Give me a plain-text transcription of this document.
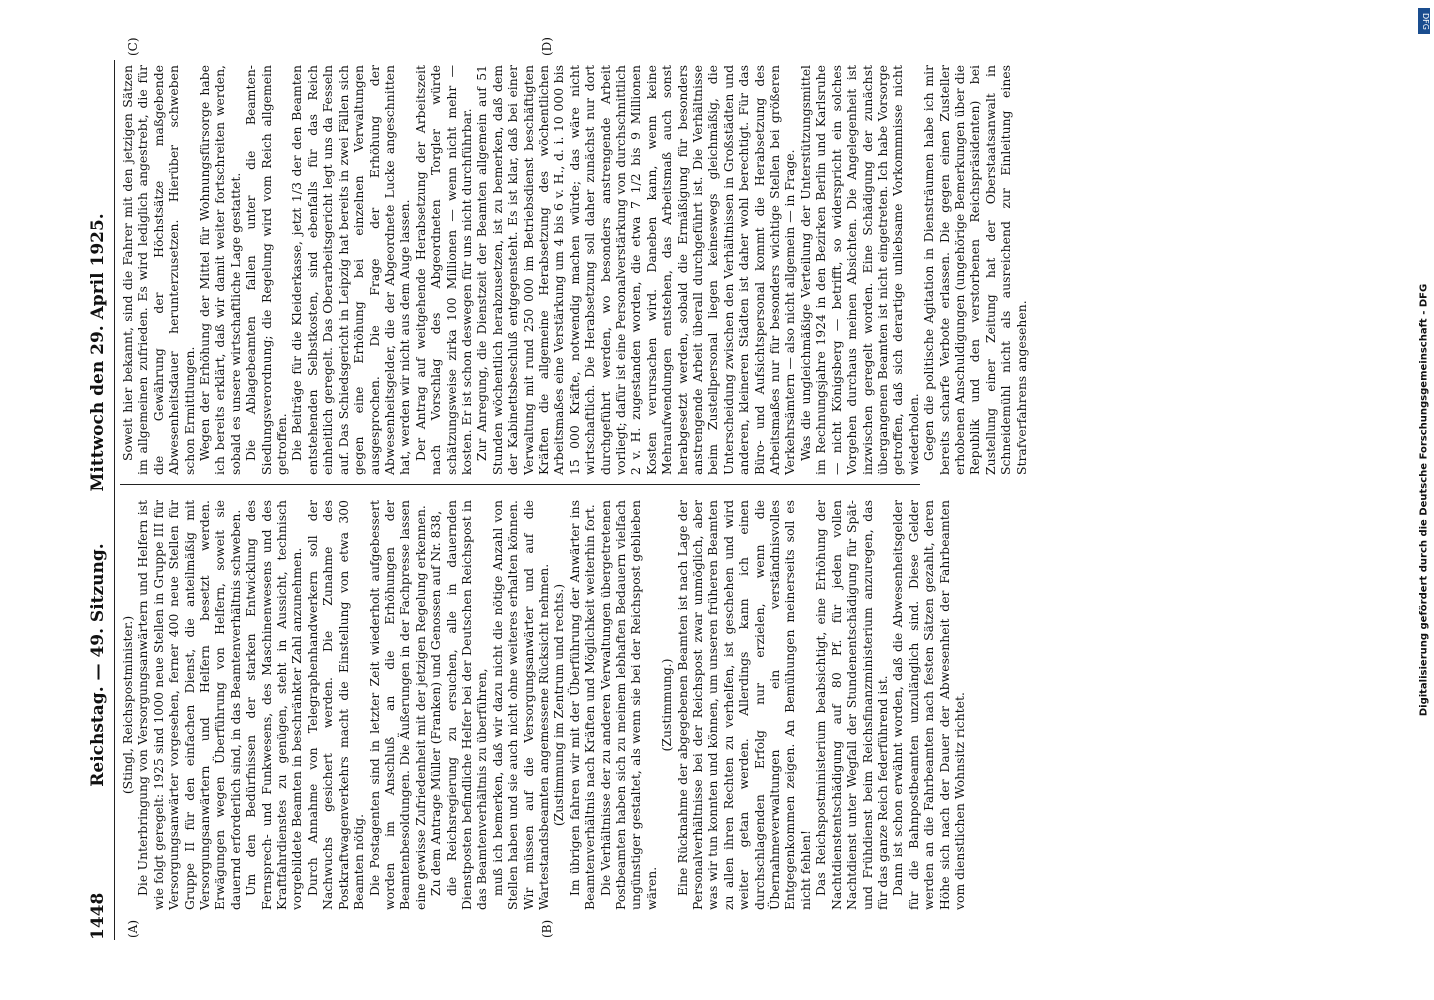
1448
Reichstag. — 49. Sitzung.  Mittwoch den 29. April 1925.
(A)	(B)
(C)	(D)

(Stingl, Reichspostminister.) Die Unterbringung von Versorgungsanwärtern und Helfern ist wie folgt geregelt: 1925 sind 1000 neue Stellen in Gruppe III für Versorgungsanwärter vorgesehen, ferner 400 neue Stellen für Gruppe II für den einfachen Dienst, die anteilmäßig mit Versorgungsanwärtern und Helfern besetzt werden. Erwägungen wegen Überführung von Helfern, soweit sie dauernd erforderlich sind, in das Beamtenverhältnis schweben. Um den Bedürfnissen der starken Entwicklung des Fernsprech- und Funkwesens, des Maschinenwesens und des Kraftfahrdienstes zu genügen, steht in Aussicht, technisch vorgebildete Beamten in beschränkter Zahl anzunehmen. Durch Annahme von Telegraphenhandwerkern soll der Nachwuchs gesichert werden. Die Zunahme des Postkraftwagenverkehrs macht die Einstellung von etwa 300 Beamten nötig. Die Postagenten sind in letzter Zeit wiederholt aufgebessert worden im Anschluß an die Erhöhungen der Beamtenbesoldungen. Die Äußerungen in der Fachpresse lassen eine gewisse Zufriedenheit mit der jetzigen Regelung erkennen. Zu dem Antrage Müller (Franken) und Genossen auf Nr. 838, die Reichsregierung zu ersuchen, alle in dauernden Dienstposten befindliche Helfer bei der Deutschen Reichspost in das Beamtenverhältnis zu überführen, muß ich bemerken, daß wir dazu nicht die nötige Anzahl von Stellen haben und sie auch nicht ohne weiteres erhalten können. Wir müssen auf die Versorgungsanwärter und auf die Wartestandsbeamten angemessene Rücksicht nehmen. (Zustimmung im Zentrum und rechts.) Im übrigen fahren wir mit der Überführung der Anwärter ins Beamtenverhältnis nach Kräften und Möglichkeit weiterhin fort. Die Verhältnisse der zu anderen Verwaltungen übergetretenen Postbeamten haben sich zu meinem lebhaften Bedauern vielfach ungünstiger gestaltet, als wenn sie bei der Reichspost geblieben wären.

(Zustimmung.) Eine Rücknahme der abgegebenen Beamten ist nach Lage der Personalverhältnisse bei der Reichspost zwar unmöglich, aber was wir tun konnten und können, um unseren früheren Beamten zu allen ihren Rechten zu verhelfen, ist geschehen und wird weiter getan werden. Allerdings kann ich einen durchschlagenden Erfolg nur erzielen, wenn die Übernahmeverwaltungen ein verständnisvolles Entgegenkommen zeigen. An Bemühungen meinerseits soll es nicht fehlen! Das Reichspostministerium beabsichtigt, eine Erhöhung der Nachtdienstentschädigung auf 80 Pf. für jeden vollen Nachtdienst unter Wegfall der Stundenentschädigung für Spät- und Frühdienst beim Reichsfinanzministerium anzuregen, das für das ganze Reich federführend ist. Dann ist schon erwähnt worden, daß die Abwesenheitsgelder für die Bahnpostbeamten unzulänglich sind. Diese Gelder werden an die Fahrbeamten nach festen Sätzen gezahlt, deren Höhe sich nach der Dauer der Abwesenheit der Fahrbeamten vom dienstlichen Wohnsitz richtet.

Soweit hier bekannt, sind die Fahrer mit den jetzigen Sätzen im allgemeinen zufrieden. Es wird lediglich angestrebt, die für die Gewährung der Höchstsätze maßgebende Abwesenheitsdauer herunterzusetzen. Hierüber schweben schon Ermittlungen. Wegen der Erhöhung der Mittel für Wohnungsfürsorge habe ich bereits erklärt, daß wir damit weiter fortschreiten werden, sobald es unsere wirtschaftliche Lage gestattet. Die Ablagebeamten fallen unter die Beamten-Siedlungsverordnung; die Regelung wird vom Reich allgemein getroffen. Die Beiträge für die Kleiderkasse, jetzt 1/3 der den Beamten entstehenden Selbstkosten, sind ebenfalls für das Reich einheitlich geregelt. Das Oberarbeitsgericht legt uns da Fesseln auf. Das Schiedsgericht in Leipzig hat bereits in zwei Fällen sich gegen eine Erhöhung bei einzelnen Verwaltungen ausgesprochen. Die Frage der Erhöhung der Abwesenheitsgelder, die der Abgeordnete Lucke angeschnitten hat, werden wir nicht aus dem Auge lassen. Der Antrag auf weitgehende Herabsetzung der Arbeitszeit nach Vorschlag des Abgeordneten Torgler würde schätzungsweise zirka 100 Millionen — wenn nicht mehr — kosten. Er ist schon deswegen für uns nicht durchführbar. Zur Anregung, die Dienstzeit der Beamten allgemein auf 51 Stunden wöchentlich herabzusetzen, ist zu bemerken, daß dem der Kabinettsbeschluß entgegensteht. Es ist klar, daß bei einer Verwaltung mit rund 250 000 im Betriebsdienst beschäftigten Kräften die allgemeine Herabsetzung des wöchentlichen Arbeitsmaßes eine Verstärkung um 4 bis 6 v. H., d. i. 10 000 bis 15 000 Kräfte, notwendig machen würde; das wäre nicht wirtschaftlich. Die Herabsetzung soll daher zunächst nur dort durchgeführt werden, wo besonders anstrengende Arbeit vorliegt; dafür ist eine Personalverstärkung von durchschnittlich 2 v. H. zugestanden worden, die etwa 7 1/2 bis 9 Millionen Kosten verursachen wird. Daneben kann, wenn keine Mehraufwendungen entstehen, das Arbeitsmaß auch sonst herabgesetzt werden, sobald die Ermäßigung für besonders anstrengende Arbeit überall durchgeführt ist. Die Verhältnisse beim Zustellpersonal liegen keineswegs gleichmäßig, die Unterscheidung zwischen den Verhältnissen in Großstädten und anderen, kleineren Städten ist daher wohl berechtigt. Für das Büro- und Aufsichtspersonal kommt die Herabsetzung des Arbeitsmaßes nur für besonders wichtige Stellen bei größeren Verkehrsämtern — also nicht allgemein — in Frage. Was die ungleichmäßige Verteilung der Unterstützungsmittel im Rechnungsjahre 1924 in den Bezirken Berlin und Karlsruhe — nicht Königsberg — betrifft, so widerspricht ein solches Vorgehen durchaus meinen Absichten. Die Angelegenheit ist inzwischen geregelt worden. Eine Schädigung der zunächst übergangenen Beamten ist nicht eingetreten. Ich habe Vorsorge getroffen, daß sich derartige unliebsame Vorkommnisse nicht wiederholen. Gegen die politische Agitation in Diensträumen habe ich mir bereits scharfe Verbote erlassen. Die gegen einen Zusteller erhobenen Anschuldigungen (ungehörige Bemerkungen über die Republik und den verstorbenen Reichspräsidenten) bei Zustellung einer Zeitung hat der Oberstaatsanwalt in Schneidemühl nicht als ausreichend zur Einleitung eines Strafverfahrens angesehen.	Digitalisierung gefördert durch die Deutsche Forschungsgemeinschaft - DFG
DFG
